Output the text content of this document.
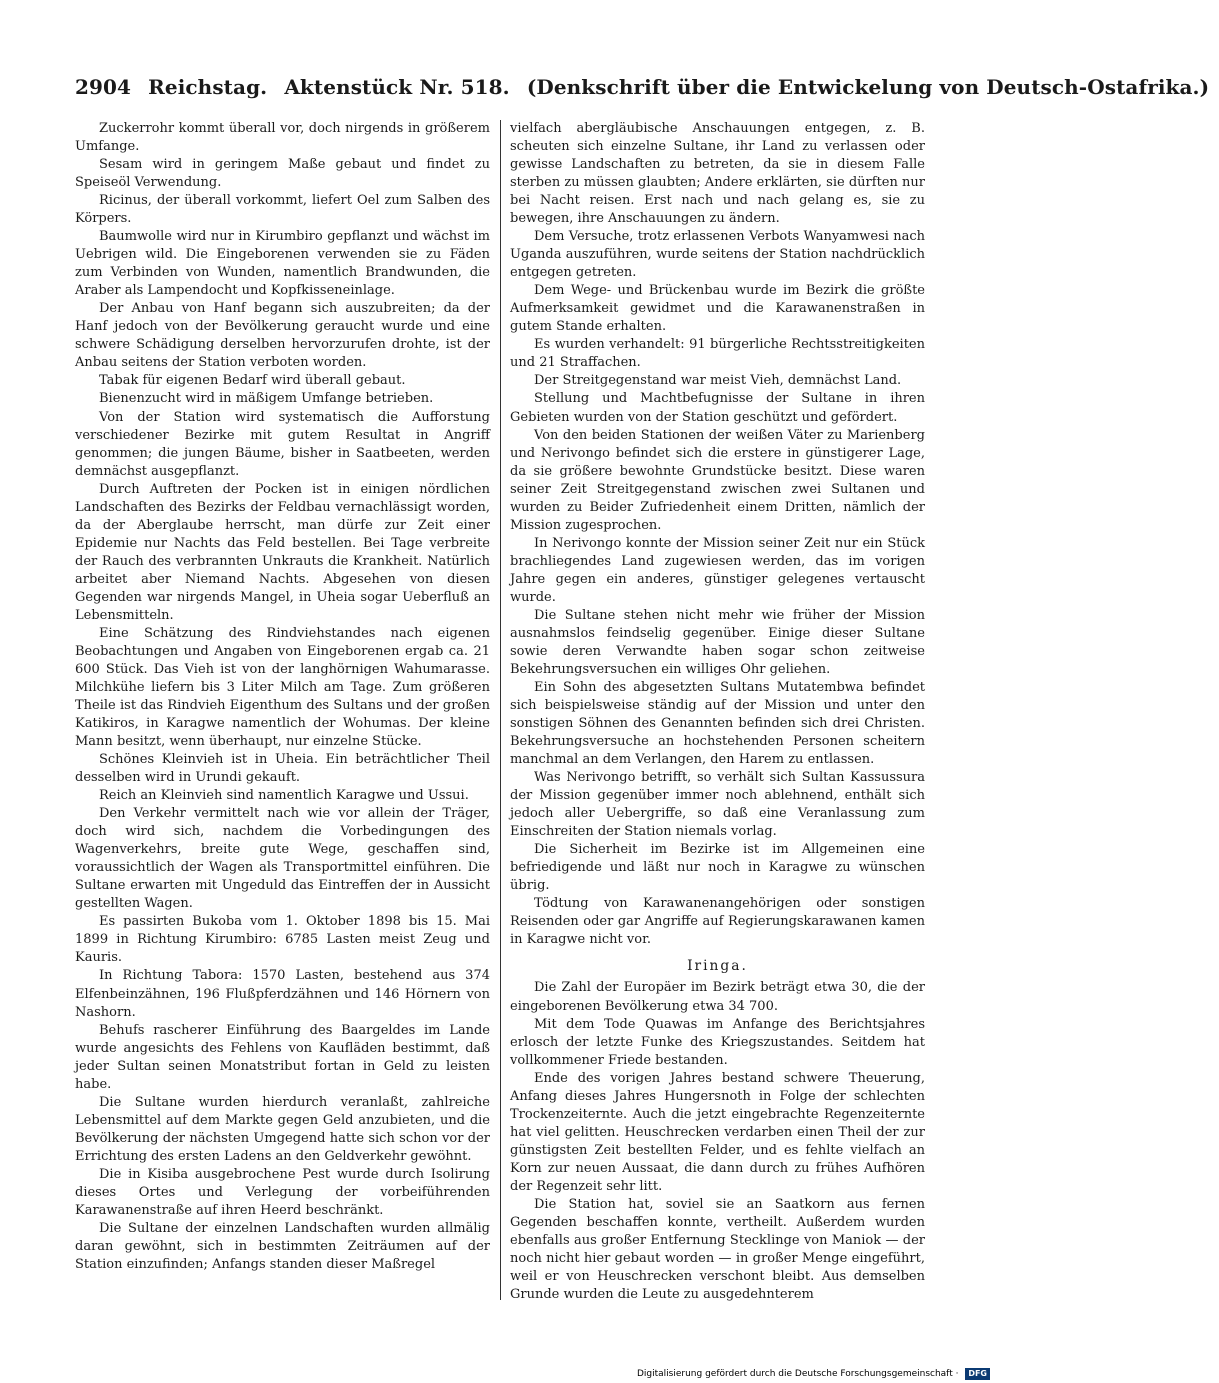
2904 Reichstag. Aktenstück Nr. 518. (Denkschrift über die Entwickelung von Deutsch-Ostafrika.)

Zuckerrohr kommt überall vor, doch nirgends in größerem Umfange.

Sesam wird in geringem Maße gebaut und findet zu Speiseöl Verwendung.

Ricinus, der überall vorkommt, liefert Oel zum Salben des Körpers.

Baumwolle wird nur in Kirumbiro gepflanzt und wächst im Uebrigen wild. Die Eingeborenen verwenden sie zu Fäden zum Verbinden von Wunden, namentlich Brandwunden, die Araber als Lampendocht und Kopfkisseneinlage.

Der Anbau von Hanf begann sich auszubreiten; da der Hanf jedoch von der Bevölkerung geraucht wurde und eine schwere Schädigung derselben hervorzurufen drohte, ist der Anbau seitens der Station verboten worden.

Tabak für eigenen Bedarf wird überall gebaut.

Bienenzucht wird in mäßigem Umfange betrieben.

Von der Station wird systematisch die Aufforstung verschiedener Bezirke mit gutem Resultat in Angriff genommen; die jungen Bäume, bisher in Saatbeeten, werden demnächst ausgepflanzt.

Durch Auftreten der Pocken ist in einigen nördlichen Landschaften des Bezirks der Feldbau vernachlässigt worden, da der Aberglaube herrscht, man dürfe zur Zeit einer Epidemie nur Nachts das Feld bestellen. Bei Tage verbreite der Rauch des verbrannten Unkrauts die Krankheit. Natürlich arbeitet aber Niemand Nachts. Abgesehen von diesen Gegenden war nirgends Mangel, in Uheia sogar Ueberfluß an Lebensmitteln.

Eine Schätzung des Rindviehstandes nach eigenen Beobachtungen und Angaben von Eingeborenen ergab ca. 21 600 Stück. Das Vieh ist von der langhörnigen Wahumarasse. Milchkühe liefern bis 3 Liter Milch am Tage. Zum größeren Theile ist das Rindvieh Eigenthum des Sultans und der großen Katikiros, in Karagwe namentlich der Wohumas. Der kleine Mann besitzt, wenn überhaupt, nur einzelne Stücke.

Schönes Kleinvieh ist in Uheia. Ein beträchtlicher Theil desselben wird in Urundi gekauft.

Reich an Kleinvieh sind namentlich Karagwe und Ussui.

Den Verkehr vermittelt nach wie vor allein der Träger, doch wird sich, nachdem die Vorbedingungen des Wagenverkehrs, breite gute Wege, geschaffen sind, voraussichtlich der Wagen als Transportmittel einführen. Die Sultane erwarten mit Ungeduld das Eintreffen der in Aussicht gestellten Wagen.

Es passirten Bukoba vom 1. Oktober 1898 bis 15. Mai 1899 in Richtung Kirumbiro: 6785 Lasten meist Zeug und Kauris.

In Richtung Tabora: 1570 Lasten, bestehend aus 374 Elfenbeinzähnen, 196 Flußpferdzähnen und 146 Hörnern von Nashorn.

Behufs rascherer Einführung des Baargeldes im Lande wurde angesichts des Fehlens von Kaufläden bestimmt, daß jeder Sultan seinen Monatstribut fortan in Geld zu leisten habe.

Die Sultane wurden hierdurch veranlaßt, zahlreiche Lebensmittel auf dem Markte gegen Geld anzubieten, und die Bevölkerung der nächsten Umgegend hatte sich schon vor der Errichtung des ersten Ladens an den Geldverkehr gewöhnt.

Die in Kisiba ausgebrochene Pest wurde durch Isolirung dieses Ortes und Verlegung der vorbeiführenden Karawanenstraße auf ihren Heerd beschränkt.

Die Sultane der einzelnen Landschaften wurden allmälig daran gewöhnt, sich in bestimmten Zeiträumen auf der Station einzufinden; Anfangs standen dieser Maßregel

vielfach abergläubische Anschauungen entgegen, z. B. scheuten sich einzelne Sultane, ihr Land zu verlassen oder gewisse Landschaften zu betreten, da sie in diesem Falle sterben zu müssen glaubten; Andere erklärten, sie dürften nur bei Nacht reisen. Erst nach und nach gelang es, sie zu bewegen, ihre Anschauungen zu ändern.

Dem Versuche, trotz erlassenen Verbots Wanyamwesi nach Uganda auszuführen, wurde seitens der Station nachdrücklich entgegen getreten.

Dem Wege- und Brückenbau wurde im Bezirk die größte Aufmerksamkeit gewidmet und die Karawanenstraßen in gutem Stande erhalten.

Es wurden verhandelt: 91 bürgerliche Rechtsstreitigkeiten und 21 Straffachen.

Der Streitgegenstand war meist Vieh, demnächst Land.

Stellung und Machtbefugnisse der Sultane in ihren Gebieten wurden von der Station geschützt und gefördert.

Von den beiden Stationen der weißen Väter zu Marienberg und Nerivongo befindet sich die erstere in günstigerer Lage, da sie größere bewohnte Grundstücke besitzt. Diese waren seiner Zeit Streitgegenstand zwischen zwei Sultanen und wurden zu Beider Zufriedenheit einem Dritten, nämlich der Mission zugesprochen.

In Nerivongo konnte der Mission seiner Zeit nur ein Stück brachliegendes Land zugewiesen werden, das im vorigen Jahre gegen ein anderes, günstiger gelegenes vertauscht wurde.

Die Sultane stehen nicht mehr wie früher der Mission ausnahmslos feindselig gegenüber. Einige dieser Sultane sowie deren Verwandte haben sogar schon zeitweise Bekehrungsversuchen ein williges Ohr geliehen.

Ein Sohn des abgesetzten Sultans Mutatembwa befindet sich beispielsweise ständig auf der Mission und unter den sonstigen Söhnen des Genannten befinden sich drei Christen. Bekehrungsversuche an hochstehenden Personen scheitern manchmal an dem Verlangen, den Harem zu entlassen.

Was Nerivongo betrifft, so verhält sich Sultan Kassussura der Mission gegenüber immer noch ablehnend, enthält sich jedoch aller Uebergriffe, so daß eine Veranlassung zum Einschreiten der Station niemals vorlag.

Die Sicherheit im Bezirke ist im Allgemeinen eine befriedigende und läßt nur noch in Karagwe zu wünschen übrig.

Tödtung von Karawanenangehörigen oder sonstigen Reisenden oder gar Angriffe auf Regierungskarawanen kamen in Karagwe nicht vor.

Iringa.

Die Zahl der Europäer im Bezirk beträgt etwa 30, die der eingeborenen Bevölkerung etwa 34 700.

Mit dem Tode Quawas im Anfange des Berichtsjahres erlosch der letzte Funke des Kriegszustandes. Seitdem hat vollkommener Friede bestanden.

Ende des vorigen Jahres bestand schwere Theuerung, Anfang dieses Jahres Hungersnoth in Folge der schlechten Trockenzeiternte. Auch die jetzt eingebrachte Regenzeiternte hat viel gelitten. Heuschrecken verdarben einen Theil der zur günstigsten Zeit bestellten Felder, und es fehlte vielfach an Korn zur neuen Aussaat, die dann durch zu frühes Aufhören der Regenzeit sehr litt.

Die Station hat, soviel sie an Saatkorn aus fernen Gegenden beschaffen konnte, vertheilt. Außerdem wurden ebenfalls aus großer Entfernung Stecklinge von Maniok — der noch nicht hier gebaut worden — in großer Menge eingeführt, weil er von Heuschrecken verschont bleibt. Aus demselben Grunde wurden die Leute zu ausgedehnterem

Digitalisierung gefördert durch die Deutsche Forschungsgemeinschaft · DFG
